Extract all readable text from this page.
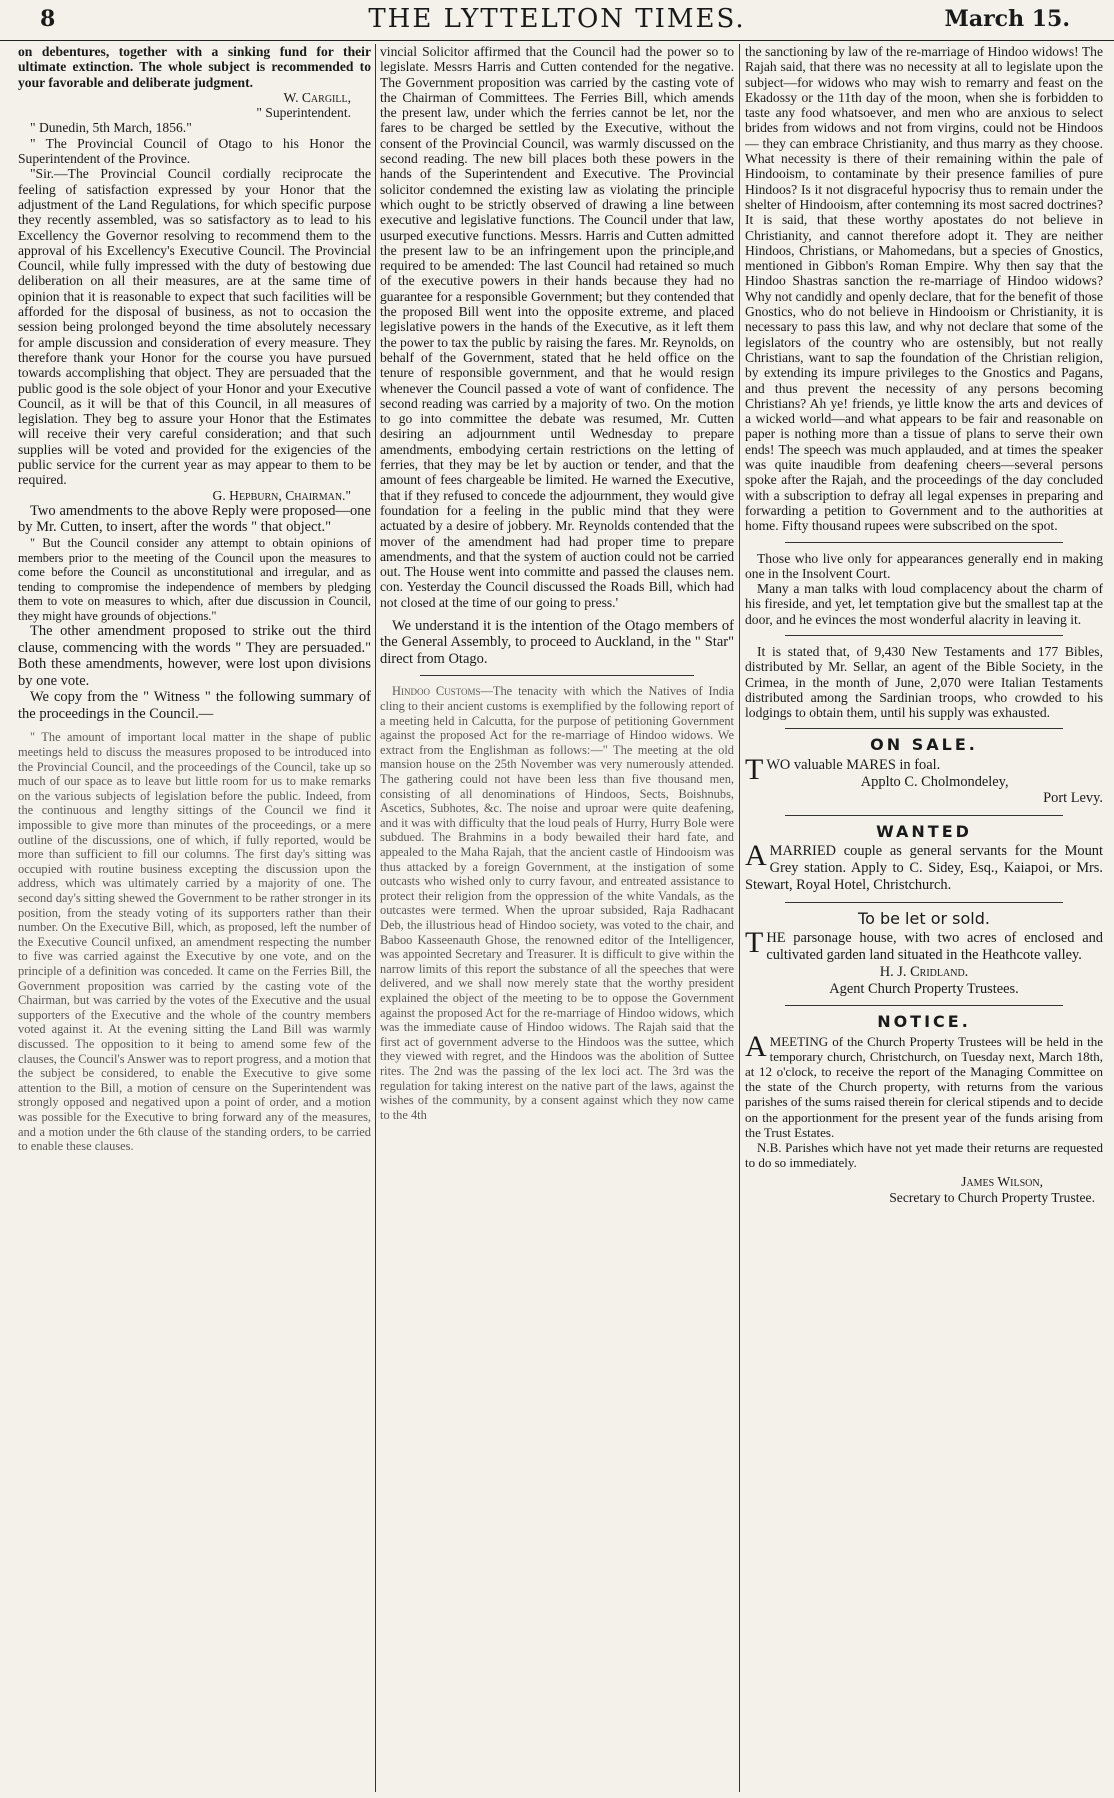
8	THE LYTTELTON TIMES.	March 15.

on debentures, together with a sinking fund for their ultimate extinction. The whole subject is recommended to your favorable and deliberate judgment.

W. Cargill,

" Superintendent.

" Dunedin, 5th March, 1856."

" The Provincial Council of Otago to his Honor the Superintendent of the Province.

"Sir.—The Provincial Council cordially reciprocate the feeling of satisfaction expressed by your Honor that the adjustment of the Land Regulations, for which specific purpose they recently assembled, was so satisfactory as to lead to his Excellency the Governor resolving to recommend them to the approval of his Excellency's Executive Council. The Provincial Council, while fully impressed with the duty of bestowing due deliberation on all their measures, are at the same time of opinion that it is reasonable to expect that such facilities will be afforded for the disposal of business, as not to occasion the session being prolonged beyond the time absolutely necessary for ample discussion and consideration of every measure. They therefore thank your Honor for the course you have pursued towards accomplishing that object. They are persuaded that the public good is the sole object of your Honor and your Executive Council, as it will be that of this Council, in all measures of legislation. They beg to assure your Honor that the Estimates will receive their very careful consideration; and that such supplies will be voted and provided for the exigencies of the public service for the current year as may appear to them to be required.

G. Hepburn, Chairman."

Two amendments to the above Reply were proposed—one by Mr. Cutten, to insert, after the words " that object."

" But the Council consider any attempt to obtain opinions of members prior to the meeting of the Council upon the measures to come before the Council as unconstitutional and irregular, and as tending to compromise the independence of members by pledging them to vote on measures to which, after due discussion in Council, they might have grounds of objections."

The other amendment proposed to strike out the third clause, commencing with the words " They are persuaded." Both these amendments, however, were lost upon divisions by one vote.

We copy from the " Witness " the following summary of the proceedings in the Council.—

" The amount of important local matter in the shape of public meetings held to discuss the measures proposed to be introduced into the Provincial Council, and the proceedings of the Council, take up so much of our space as to leave but little room for us to make remarks on the various subjects of legislation before the public. Indeed, from the continuous and lengthy sittings of the Council we find it impossible to give more than minutes of the proceedings, or a mere outline of the discussions, one of which, if fully reported, would be more than sufficient to fill our columns. The first day's sitting was occupied with routine business excepting the discussion upon the address, which was ultimately carried by a majority of one. The second day's sitting shewed the Government to be rather stronger in its position, from the steady voting of its supporters rather than their number. On the Executive Bill, which, as proposed, left the number of the Executive Council unfixed, an amendment respecting the number to five was carried against the Executive by one vote, and on the principle of a definition was conceded. It came on the Ferries Bill, the Government proposition was carried by the casting vote of the Chairman, but was carried by the votes of the Executive and the usual supporters of the Executive and the whole of the country members voted against it. At the evening sitting the Land Bill was warmly discussed. The opposition to it being to amend some few of the clauses, the Council's Answer was to report progress, and a motion that the subject be considered, to enable the Executive to give some attention to the Bill, a motion of censure on the Superintendent was strongly opposed and negatived upon a point of order, and a motion was possible for the Executive to bring forward any of the measures, and a motion under the 6th clause of the standing orders, to be carried to enable these clauses.

vincial Solicitor affirmed that the Council had the power so to legislate. Messrs Harris and Cutten contended for the negative. The Government proposition was carried by the casting vote of the Chairman of Committees. The Ferries Bill, which amends the present law, under which the ferries cannot be let, nor the fares to be charged be settled by the Executive, without the consent of the Provincial Council, was warmly discussed on the second reading. The new bill places both these powers in the hands of the Superintendent and Executive. The Provincial solicitor condemned the existing law as violating the principle which ought to be strictly observed of drawing a line between executive and legislative functions. The Council under that law, usurped executive functions. Messrs. Harris and Cutten admitted the present law to be an infringement upon the principle,and required to be amended: The last Council had retained so much of the executive powers in their hands because they had no guarantee for a responsible Government; but they contended that the proposed Bill went into the opposite extreme, and placed legislative powers in the hands of the Executive, as it left them the power to tax the public by raising the fares. Mr. Reynolds, on behalf of the Government, stated that he held office on the tenure of responsible government, and that he would resign whenever the Council passed a vote of want of confidence. The second reading was carried by a majority of two. On the motion to go into committee the debate was resumed, Mr. Cutten desiring an adjournment until Wednesday to prepare amendments, embodying certain restrictions on the letting of ferries, that they may be let by auction or tender, and that the amount of fees chargeable be limited. He warned the Executive, that if they refused to concede the adjournment, they would give foundation for a feeling in the public mind that they were actuated by a desire of jobbery. Mr. Reynolds contended that the mover of the amendment had had proper time to prepare amendments, and that the system of auction could not be carried out. The House went into committe and passed the clauses nem. con. Yesterday the Council discussed the Roads Bill, which had not closed at the time of our going to press.'

We understand it is the intention of the Otago members of the General Assembly, to proceed to Auckland, in the " Star" direct from Otago.

Hindoo Customs—The tenacity with which the Natives of India cling to their ancient customs is exemplified by the following report of a meeting held in Calcutta, for the purpose of petitioning Government against the proposed Act for the re-marriage of Hindoo widows. We extract from the Englishman as follows:—" The meeting at the old mansion house on the 25th November was very numerously attended. The gathering could not have been less than five thousand men, consisting of all denominations of Hindoos, Sects, Boishnubs, Ascetics, Subhotes, &c. The noise and uproar were quite deafening, and it was with difficulty that the loud peals of Hurry, Hurry Bole were subdued. The Brahmins in a body bewailed their hard fate, and appealed to the Maha Rajah, that the ancient castle of Hindooism was thus attacked by a foreign Government, at the instigation of some outcasts who wished only to curry favour, and entreated assistance to protect their religion from the oppression of the white Vandals, as the outcastes were termed. When the uproar subsided, Raja Radhacant Deb, the illustrious head of Hindoo society, was voted to the chair, and Baboo Kasseenauth Ghose, the renowned editor of the Intelligencer, was appointed Secretary and Treasurer. It is difficult to give within the narrow limits of this report the substance of all the speeches that were delivered, and we shall now merely state that the worthy president explained the object of the meeting to be to oppose the Government against the proposed Act for the re-marriage of Hindoo widows, which was the immediate cause of Hindoo widows. The Rajah said that the first act of government adverse to the Hindoos was the suttee, which they viewed with regret, and the Hindoos was the abolition of Suttee rites. The 2nd was the passing of the lex loci act. The 3rd was the regulation for taking interest on the native part of the laws, against the wishes of the community, by a consent against which they now came to the 4th

the sanctioning by law of the re-marriage of Hindoo widows! The Rajah said, that there was no necessity at all to legislate upon the subject—for widows who may wish to remarry and feast on the Ekadossy or the 11th day of the moon, when she is forbidden to taste any food whatsoever, and men who are anxious to select brides from widows and not from virgins, could not be Hindoos — they can embrace Christianity, and thus marry as they choose. What necessity is there of their remaining within the pale of Hindooism, to contaminate by their presence families of pure Hindoos? Is it not disgraceful hypocrisy thus to remain under the shelter of Hindooism, after contemning its most sacred doctrines? It is said, that these worthy apostates do not believe in Christianity, and cannot therefore adopt it. They are neither Hindoos, Christians, or Mahomedans, but a species of Gnostics, mentioned in Gibbon's Roman Empire. Why then say that the Hindoo Shastras sanction the re-marriage of Hindoo widows? Why not candidly and openly declare, that for the benefit of those Gnostics, who do not believe in Hindooism or Christianity, it is necessary to pass this law, and why not declare that some of the legislators of the country who are ostensibly, but not really Christians, want to sap the foundation of the Christian religion, by extending its impure privileges to the Gnostics and Pagans, and thus prevent the necessity of any persons becoming Christians? Ah ye! friends, ye little know the arts and devices of a wicked world—and what appears to be fair and reasonable on paper is nothing more than a tissue of plans to serve their own ends! The speech was much applauded, and at times the speaker was quite inaudible from deafening cheers—several persons spoke after the Rajah, and the proceedings of the day concluded with a subscription to defray all legal expenses in preparing and forwarding a petition to Government and to the authorities at home. Fifty thousand rupees were subscribed on the spot.

Those who live only for appearances generally end in making one in the Insolvent Court.

Many a man talks with loud complacency about the charm of his fireside, and yet, let temptation give but the smallest tap at the door, and he evinces the most wonderful alacrity in leaving it.

It is stated that, of 9,430 New Testaments and 177 Bibles, distributed by Mr. Sellar, an agent of the Bible Society, in the Crimea, in the month of June, 2,070 were Italian Testaments distributed among the Sardinian troops, who crowded to his lodgings to obtain them, until his supply was exhausted.

ON SALE.

TWO valuable MARES in foal.

Applto C. Cholmondeley,

Port Levy.

WANTED

AMARRIED couple as general servants for the Mount Grey station. Apply to C. Sidey, Esq., Kaiapoi, or Mrs. Stewart, Royal Hotel, Christchurch.

To be let or sold.

THE parsonage house, with two acres of enclosed and cultivated garden land situated in the Heathcote valley.

H. J. Cridland.

Agent Church Property Trustees.

NOTICE.

AMEETING of the Church Property Trustees will be held in the temporary church, Christchurch, on Tuesday next, March 18th, at 12 o'clock, to receive the report of the Managing Committee on the state of the Church property, with returns from the various parishes of the sums raised therein for clerical stipends and to decide on the apportionment for the present year of the funds arising from the Trust Estates.

N.B. Parishes which have not yet made their returns are requested to do so immediately.

James Wilson,

Secretary to Church Property Trustee.
